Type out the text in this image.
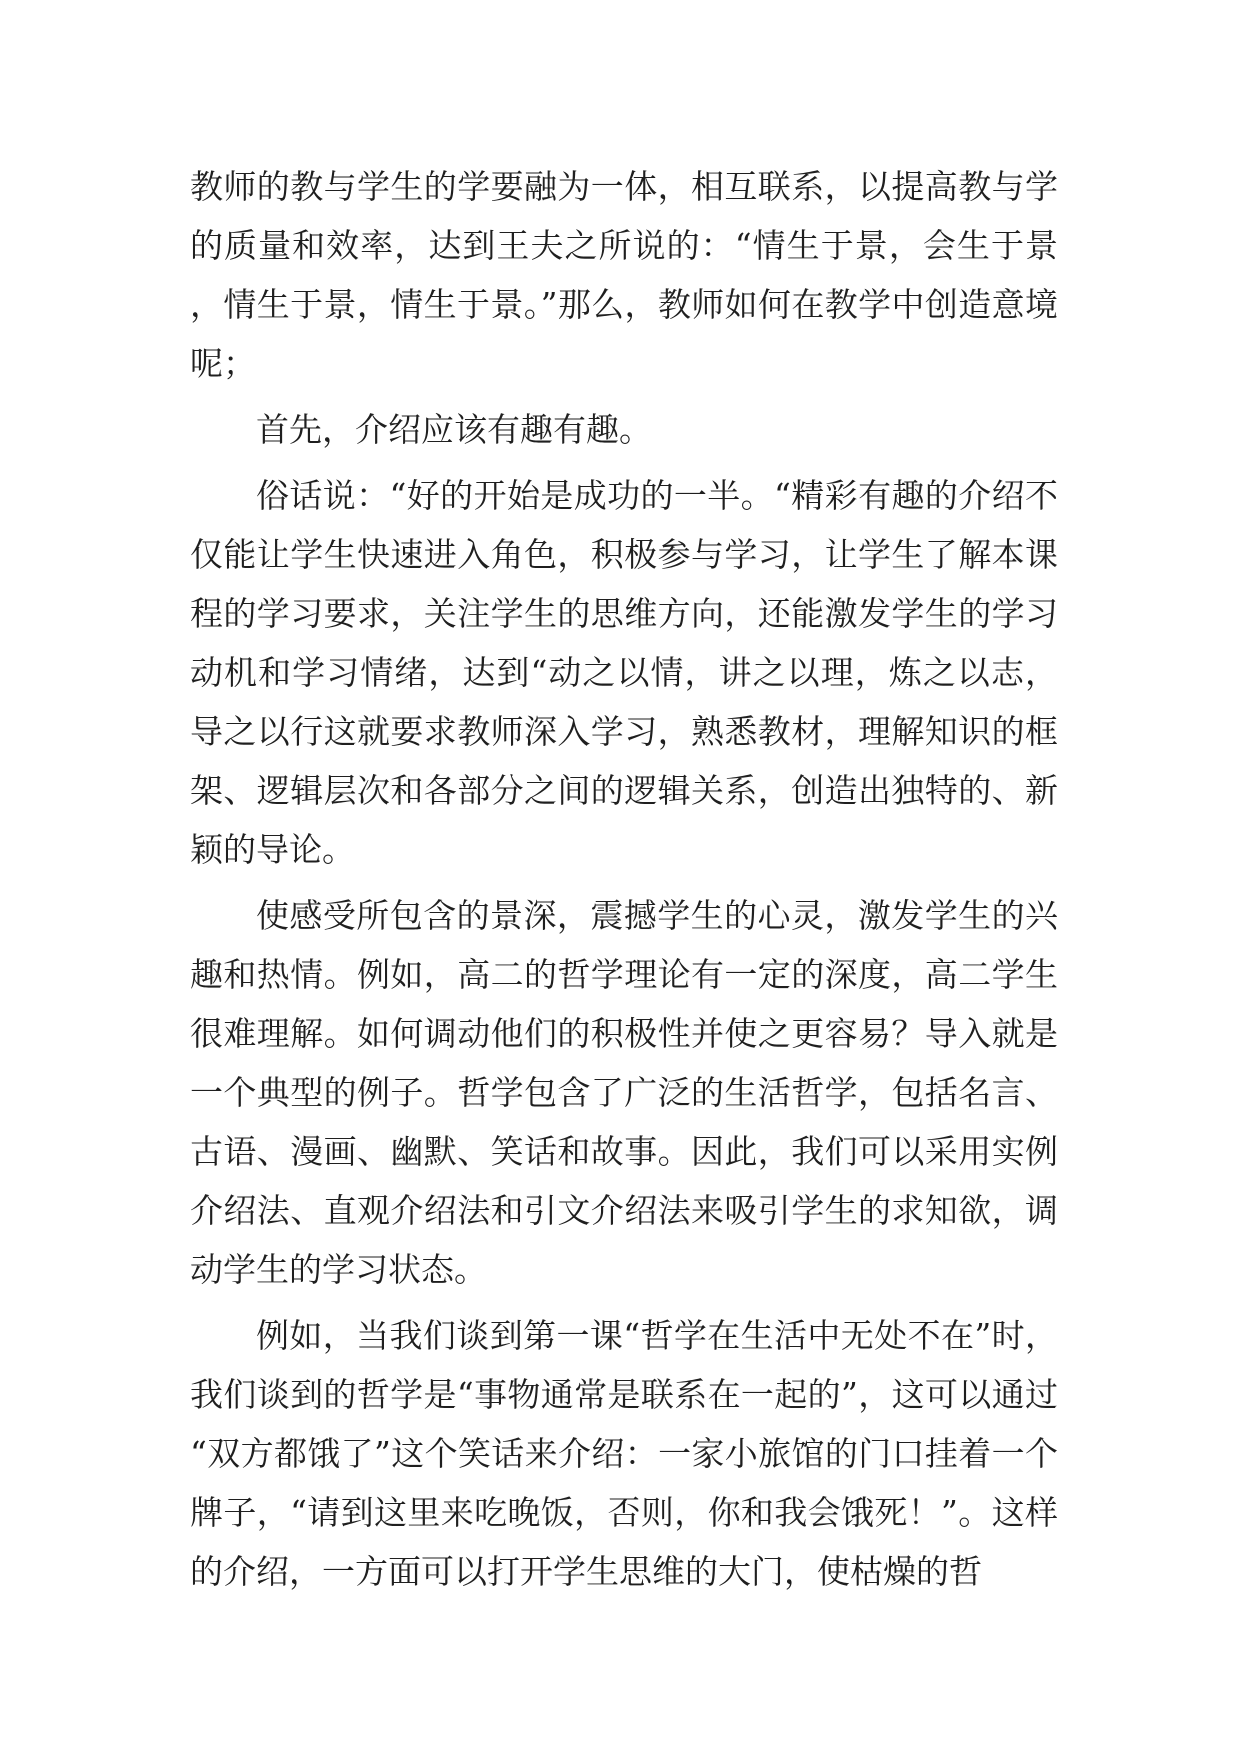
教师的教与学生的学要融为一体，相互联系，以提高教与学的质量和效率，达到王夫之所说的：“情生于景，会生于景，情生于景，情生于景。”那么，教师如何在教学中创造意境呢；

首先，介绍应该有趣有趣。

俗话说：“好的开始是成功的一半。“精彩有趣的介绍不仅能让学生快速进入角色，积极参与学习，让学生了解本课程的学习要求，关注学生的思维方向，还能激发学生的学习动机和学习情绪，达到“动之以情，讲之以理，炼之以志，导之以行这就要求教师深入学习，熟悉教材，理解知识的框架、逻辑层次和各部分之间的逻辑关系，创造出独特的、新颖的导论。

使感受所包含的景深，震撼学生的心灵，激发学生的兴趣和热情。例如，高二的哲学理论有一定的深度，高二学生很难理解。如何调动他们的积极性并使之更容易？导入就是一个典型的例子。哲学包含了广泛的生活哲学，包括名言、古语、漫画、幽默、笑话和故事。因此，我们可以采用实例介绍法、直观介绍法和引文介绍法来吸引学生的求知欲，调动学生的学习状态。

例如，当我们谈到第一课“哲学在生活中无处不在”时，我们谈到的哲学是“事物通常是联系在一起的”，这可以通过“双方都饿了”这个笑话来介绍：一家小旅馆的门口挂着一个牌子，“请到这里来吃晚饭，否则，你和我会饿死！”。这样的介绍，一方面可以打开学生思维的大门，使枯燥的哲
